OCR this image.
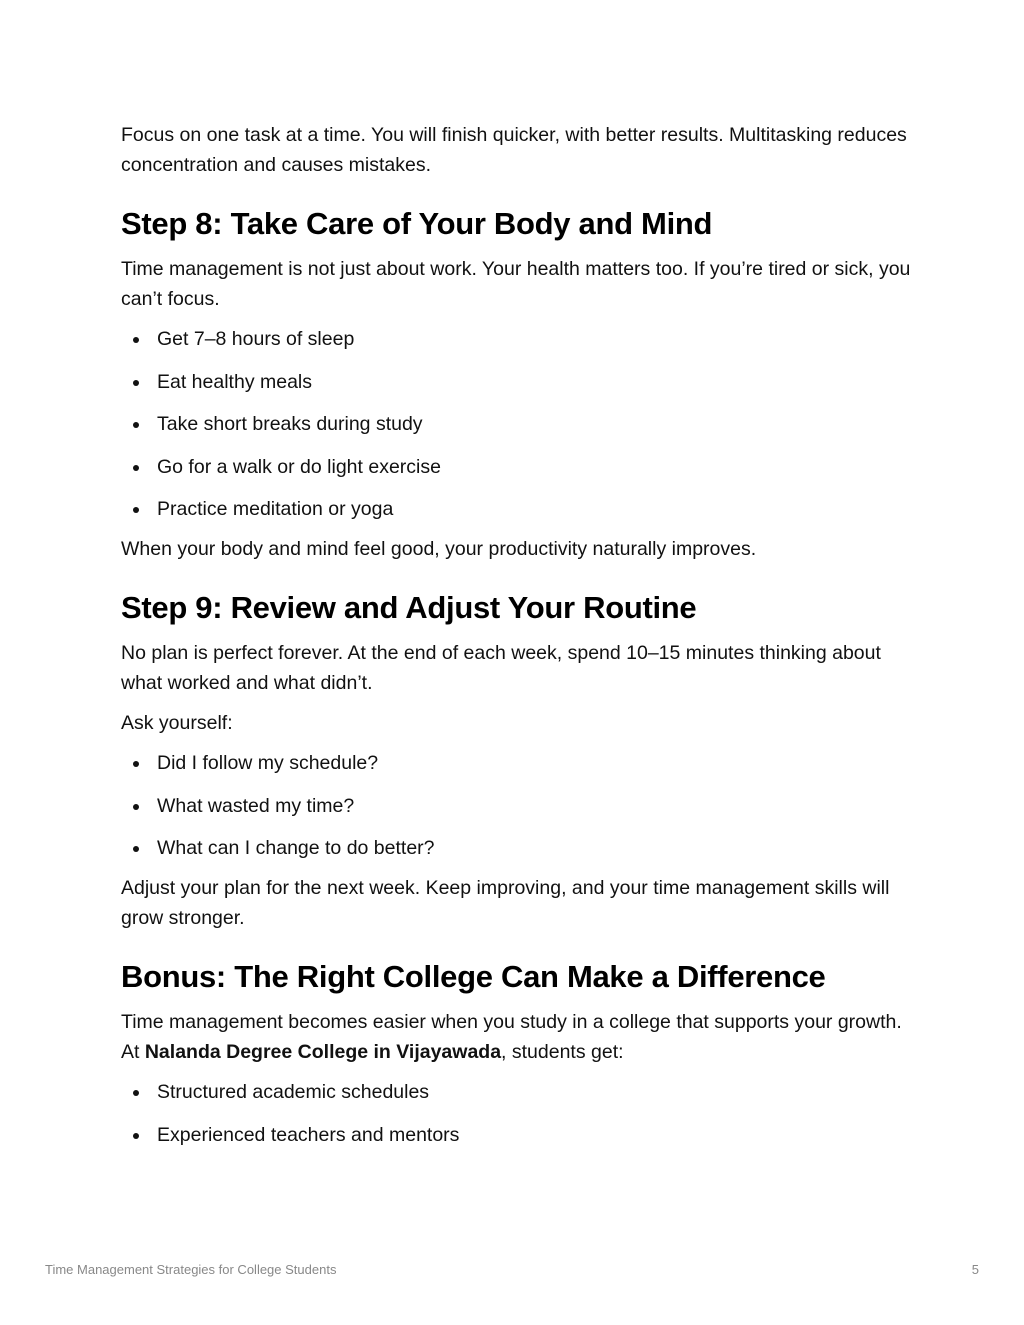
Focus on one task at a time. You will finish quicker, with better results. Multitasking reduces concentration and causes mistakes.

Step 8: Take Care of Your Body and Mind

Time management is not just about work. Your health matters too. If you’re tired or sick, you can’t focus.

Get 7–8 hours of sleep
Eat healthy meals
Take short breaks during study
Go for a walk or do light exercise
Practice meditation or yoga

When your body and mind feel good, your productivity naturally improves.

Step 9: Review and Adjust Your Routine

No plan is perfect forever. At the end of each week, spend 10–15 minutes thinking about what worked and what didn’t.

Ask yourself:

Did I follow my schedule?
What wasted my time?
What can I change to do better?

Adjust your plan for the next week. Keep improving, and your time management skills will grow stronger.

Bonus: The Right College Can Make a Difference

Time management becomes easier when you study in a college that supports your growth. At Nalanda Degree College in Vijayawada, students get:

Structured academic schedules
Experienced teachers and mentors
Time Management Strategies for College Students	5
